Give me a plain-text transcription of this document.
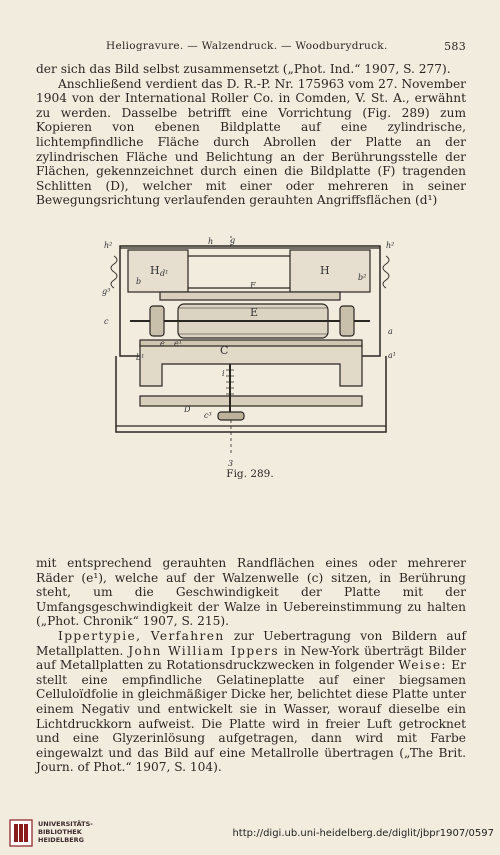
Heliogravure. — Walzendruck. — Woodburydruck.	583

der sich das Bild selbst zusammensetzt („Phot. Ind.“ 1907, S. 277).

Anschließend verdient das D. R.-P. Nr. 175963 vom 27. November 1904 von der International Roller Co. in Comden, V. St. A., erwähnt zu werden. Dasselbe betrifft eine Vorrichtung (Fig. 289) zum Kopieren von ebenen Bildplatte auf eine zylindrische, lichtempfindliche Fläche durch Abrollen der Platte an der zylindrischen Fläche und Belichtung an der Berührungsstelle der Flächen, gekennzeichnet durch einen die Bildplatte (F) tragenden Schlitten (D), welcher mit einer oder mehreren in seiner Bewegungsrichtung verlaufenden gerauhten Angriffsflächen (d¹)

H	H
E
C
F
D
h g
h²	h²
g³
b
d¹	b²
c
e e¹
b¹
a
a¹
i
c³
3
Fig. 289.

mit entsprechend gerauhten Randflächen eines oder mehrerer Räder (e¹), welche auf der Walzenwelle (c) sitzen, in Berührung steht, um die Geschwindigkeit der Platte mit der Umfangsgeschwindigkeit der Walze in Uebereinstimmung zu halten („Phot. Chronik“ 1907, S. 215).

Ippertypie, Verfahren zur Uebertragung von Bildern auf Metallplatten. John William Ippers in New-York überträgt Bilder auf Metallplatten zu Rotationsdruckzwecken in folgender Weise: Er stellt eine empfindliche Gelatineplatte auf einer biegsamen Celluloïdfolie in gleichmäßiger Dicke her, belichtet diese Platte unter einem Negativ und entwickelt sie in Wasser, worauf dieselbe ein Lichtdruckkorn aufweist. Die Platte wird in freier Luft getrocknet und eine Glyzerinlösung aufgetragen, dann wird mit Farbe eingewalzt und das Bild auf eine Metallrolle übertragen („The Brit. Journ. of Phot.“ 1907, S. 104).

UNIVERSITÄTS-
BIBLIOTHEK
HEIDELBERG
http://digi.ub.uni-heidelberg.de/diglit/jbpr1907/0597
